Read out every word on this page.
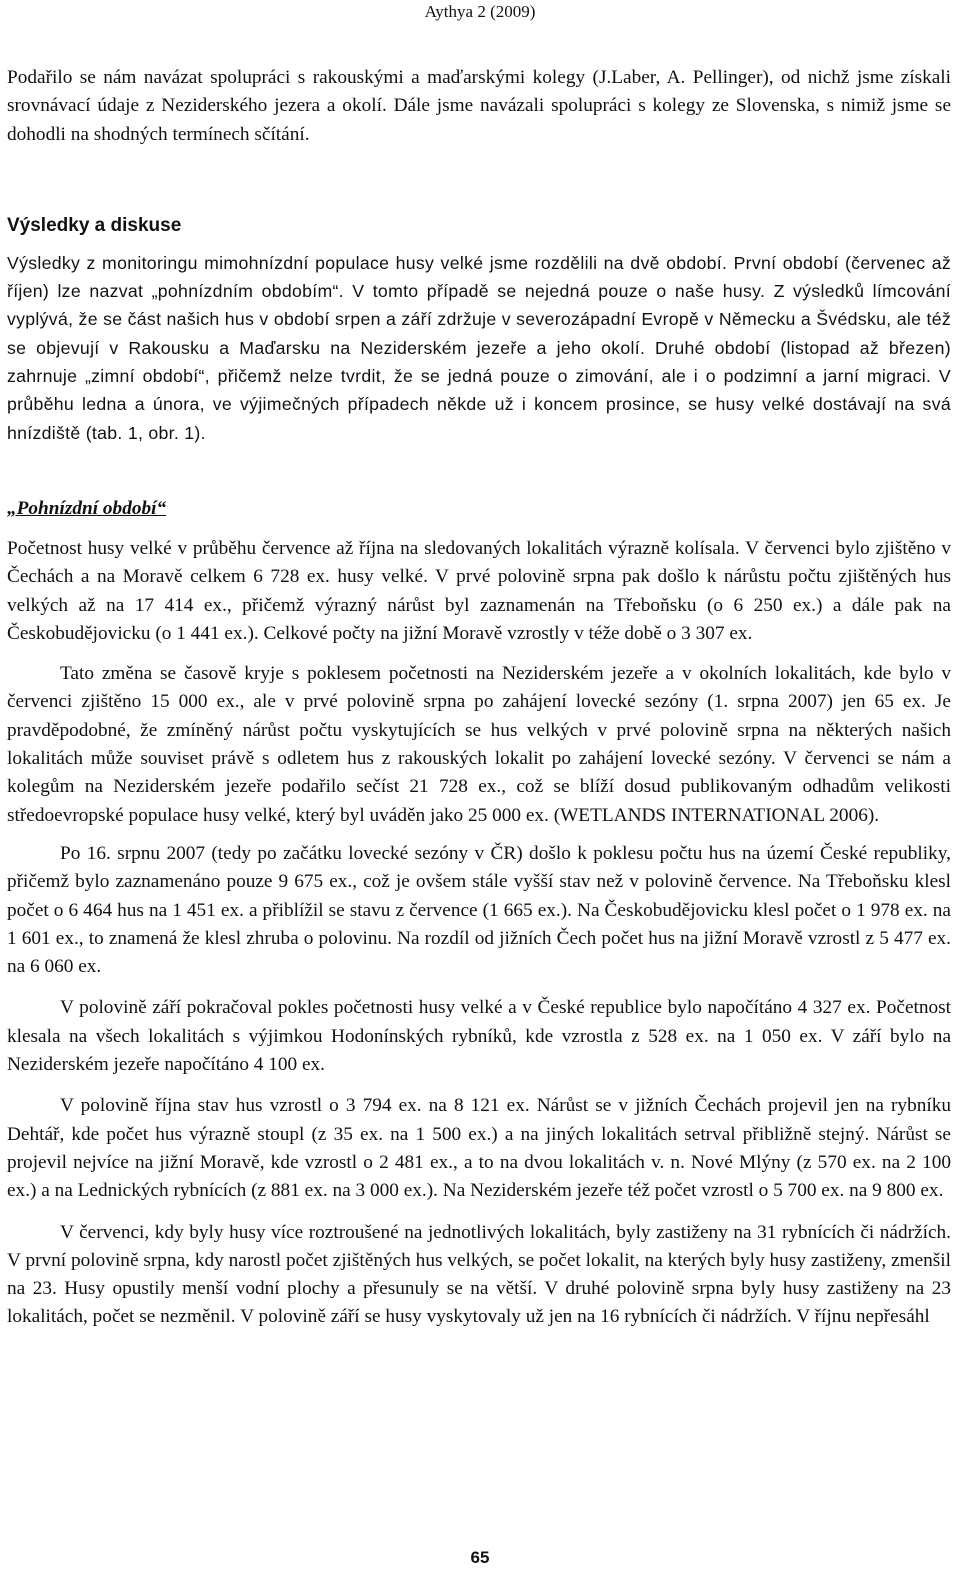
Aythya 2 (2009)

Podařilo se nám navázat spolupráci s rakouskými a maďarskými kolegy (J.Laber, A. Pellinger), od nichž jsme získali srovnávací údaje z Neziderského jezera a okolí. Dále jsme navázali spolupráci s kolegy ze Slovenska, s nimiž jsme se dohodli na shodných termínech sčítání.

Výsledky a diskuse

Výsledky z monitoringu mimohnízdní populace husy velké jsme rozdělili na dvě období. První období (červenec až říjen) lze nazvat „pohnízdním obdobím“. V tomto případě se nejedná pouze o naše husy. Z výsledků límcování vyplývá, že se část našich hus v období srpen a září zdržuje v severozápadní Evropě v Německu a Švédsku, ale též se objevují v Rakousku a Maďarsku na Neziderském jezeře a jeho okolí. Druhé období (listopad až březen) zahrnuje „zimní období“, přičemž nelze tvrdit, že se jedná pouze o zimování, ale i o podzimní a jarní migraci. V průběhu ledna a února, ve výjimečných případech někde už i koncem prosince, se husy velké dostávají na svá hnízdiště (tab. 1, obr. 1).

„Pohnízdní období“

Početnost husy velké v průběhu července až října na sledovaných lokalitách výrazně kolísala. V červenci bylo zjištěno v Čechách a na Moravě celkem 6 728 ex. husy velké. V prvé polovině srpna pak došlo k nárůstu počtu zjištěných hus velkých až na 17 414 ex., přičemž výrazný nárůst byl zaznamenán na Třeboňsku (o 6 250 ex.) a dále pak na Českobudějovicku (o 1 441 ex.). Celkové počty na jižní Moravě vzrostly v téže době o 3 307 ex.

Tato změna se časově kryje s poklesem početnosti na Neziderském jezeře a v okolních lokalitách, kde bylo v červenci zjištěno 15 000 ex., ale v prvé polovině srpna po zahájení lovecké sezóny (1. srpna 2007) jen 65 ex. Je pravděpodobné, že zmíněný nárůst počtu vyskytujících se hus velkých v prvé polovině srpna na některých našich lokalitách může souviset právě s odletem hus z rakouských lokalit po zahájení lovecké sezóny. V červenci se nám a kolegům na Neziderském jezeře podařilo sečíst 21 728 ex., což se blíží dosud publikovaným odhadům velikosti středoevropské populace husy velké, který byl uváděn jako 25 000 ex. (WETLANDS INTERNATIONAL 2006).

Po 16. srpnu 2007 (tedy po začátku lovecké sezóny v ČR) došlo k poklesu počtu hus na území České republiky, přičemž bylo zaznamenáno pouze 9 675 ex., což je ovšem stále vyšší stav než v polovině července. Na Třeboňsku klesl počet o 6 464 hus na 1 451 ex. a přiblížil se stavu z července (1 665 ex.). Na Českobudějovicku klesl počet o 1 978 ex. na 1 601 ex., to znamená že klesl zhruba o polovinu. Na rozdíl od jižních Čech počet hus na jižní Moravě vzrostl z 5 477 ex. na 6 060 ex.

V polovině září pokračoval pokles početnosti husy velké a v České republice bylo napočítáno 4 327 ex. Početnost klesala na všech lokalitách s výjimkou Hodonínských rybníků, kde vzrostla z 528 ex. na 1 050 ex. V září bylo na Neziderském jezeře napočítáno 4 100 ex.

V polovině října stav hus vzrostl o 3 794 ex. na 8 121 ex. Nárůst se v jižních Čechách projevil jen na rybníku Dehtář, kde počet hus výrazně stoupl (z 35 ex. na 1 500 ex.) a na jiných lokalitách setrval přibližně stejný. Nárůst se projevil nejvíce na jižní Moravě, kde vzrostl o 2 481 ex., a to na dvou lokalitách v. n. Nové Mlýny (z 570 ex. na 2 100 ex.) a na Lednických rybnících (z 881 ex. na 3 000 ex.). Na Neziderském jezeře též počet vzrostl o 5 700 ex. na 9 800 ex.

V červenci, kdy byly husy více roztroušené na jednotlivých lokalitách, byly zastiženy na 31 rybnících či nádržích. V první polovině srpna, kdy narostl počet zjištěných hus velkých, se počet lokalit, na kterých byly husy zastiženy, zmenšil na 23. Husy opustily menší vodní plochy a přesunuly se na větší. V druhé polovině srpna byly husy zastiženy na 23 lokalitách, počet se nezměnil. V polovině září se husy vyskytovaly už jen na 16 rybnících či nádržích. V říjnu nepřesáhl

65
